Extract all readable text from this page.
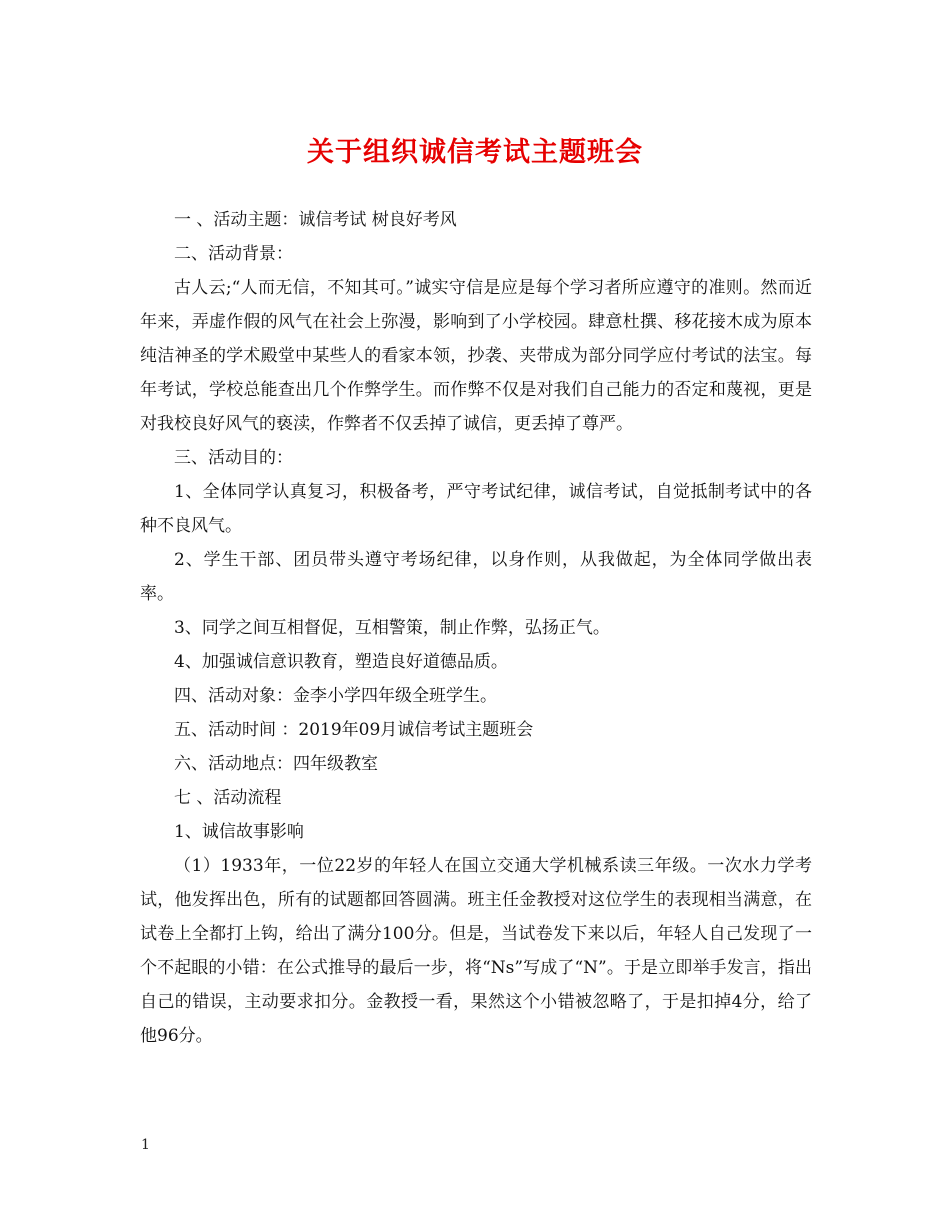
关于组织诚信考试主题班会

一 、活动主题：诚信考试 树良好考风

二、活动背景：

古人云;“人而无信，不知其可。”诚实守信是应是每个学习者所应遵守的准则。然而近年来，弄虚作假的风气在社会上弥漫，影响到了小学校园。肆意杜撰、移花接木成为原本纯洁神圣的学术殿堂中某些人的看家本领，抄袭、夹带成为部分同学应付考试的法宝。每年考试，学校总能查出几个作弊学生。而作弊不仅是对我们自己能力的否定和蔑视，更是对我校良好风气的亵渎，作弊者不仅丢掉了诚信，更丢掉了尊严。

三、活动目的：

1、全体同学认真复习，积极备考，严守考试纪律，诚信考试，自觉抵制考试中的各种不良风气。

2、学生干部、团员带头遵守考场纪律，以身作则，从我做起，为全体同学做出表率。

3、同学之间互相督促，互相警策，制止作弊，弘扬正气。

4、加强诚信意识教育，塑造良好道德品质。

四、活动对象：金李小学四年级全班学生。

五、活动时间 ：2019年09月诚信考试主题班会

六、活动地点：四年级教室

七 、活动流程

1、诚信故事影响

（1）1933年，一位22岁的年轻人在国立交通大学机械系读三年级。一次水力学考试，他发挥出色，所有的试题都回答圆满。班主任金教授对这位学生的表现相当满意，在试卷上全都打上钩，给出了满分100分。但是，当试卷发下来以后，年轻人自己发现了一个不起眼的小错：在公式推导的最后一步，将“Ns”写成了“N”。于是立即举手发言，指出自己的错误，主动要求扣分。金教授一看，果然这个小错被忽略了，于是扣掉4分，给了他96分。

1
